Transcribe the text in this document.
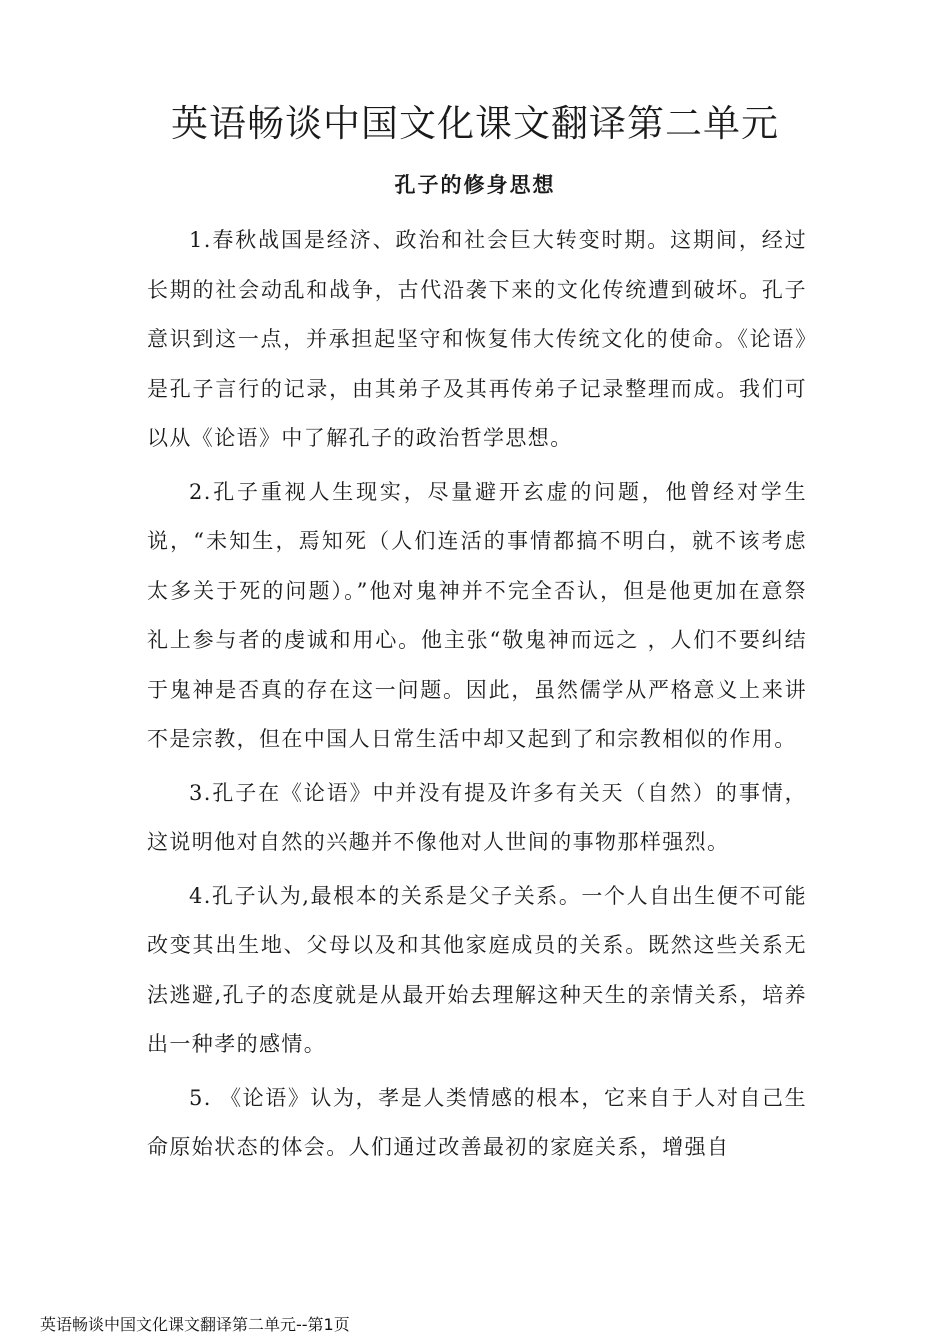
英语畅谈中国文化课文翻译第二单元
孔子的修身思想

1.春秋战国是经济、政治和社会巨大转变时期。这期间，经过长期的社会动乱和战争，古代沿袭下来的文化传统遭到破坏。孔子意识到这一点，并承担起坚守和恢复伟大传统文化的使命。《论语》是孔子言行的记录，由其弟子及其再传弟子记录整理而成。我们可以从《论语》中了解孔子的政治哲学思想。

2.孔子重视人生现实，尽量避开玄虚的问题，他曾经对学生说，“未知生，焉知死（人们连活的事情都搞不明白，就不该考虑太多关于死的问题）。”他对鬼神并不完全否认，但是他更加在意祭礼上参与者的虔诚和用心。他主张“敬鬼神而远之 ，人们不要纠结于鬼神是否真的存在这一问题。因此，虽然儒学从严格意义上来讲不是宗教，但在中国人日常生活中却又起到了和宗教相似的作用。

3.孔子在《论语》中并没有提及许多有关天（自然）的事情，这说明他对自然的兴趣并不像他对人世间的事物那样强烈。

4.孔子认为,最根本的关系是父子关系。一个人自出生便不可能改变其出生地、父母以及和其他家庭成员的关系。既然这些关系无法逃避,孔子的态度就是从最开始去理解这种天生的亲情关系，培养出一种孝的感情。

5. 《论语》认为，孝是人类情感的根本，它来自于人对自己生命原始状态的体会。人们通过改善最初的家庭关系，增强自

英语畅谈中国文化课文翻译第二单元--第1页
